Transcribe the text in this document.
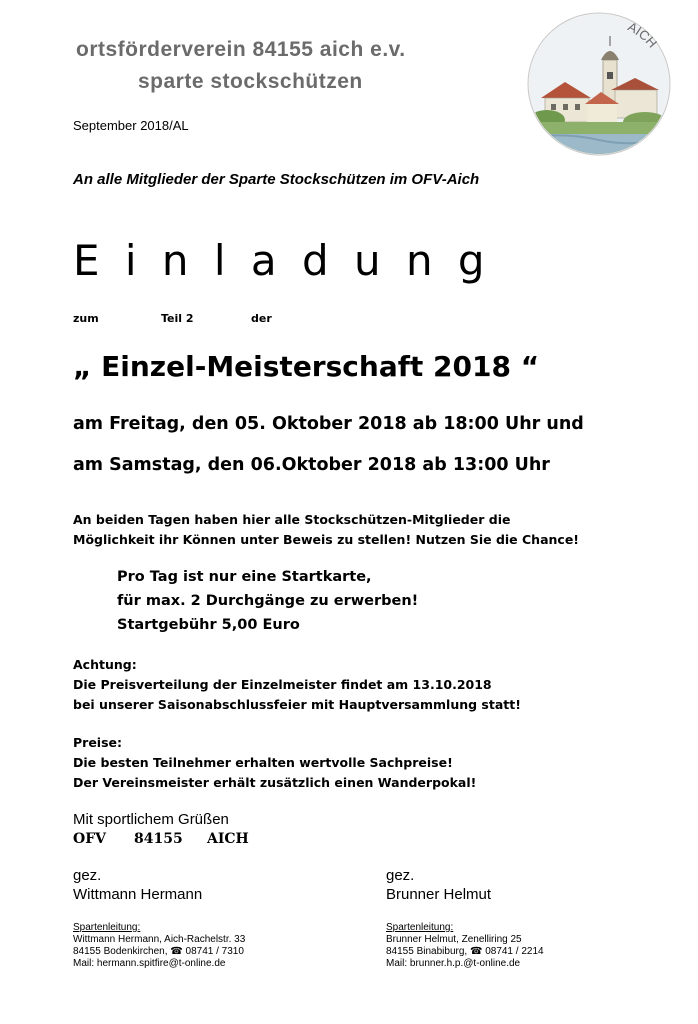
ortsförderverein 84155 aich e.v.
sparte stockschützen
September 2018/AL
AICH
An alle Mitglieder der Sparte Stockschützen im OFV-Aich
E i n l a d u n g
zum	Teil 2	der
„ Einzel-Meisterschaft 2018 “
am Freitag, den 05. Oktober 2018 ab 18:00 Uhr und
am Samstag, den 06.Oktober 2018 ab 13:00 Uhr
An beiden Tagen haben hier alle Stockschützen-Mitglieder die
Möglichkeit ihr Können unter Beweis zu stellen! Nutzen Sie die Chance!
Pro Tag ist nur eine Startkarte,
für max. 2 Durchgänge zu erwerben!
Startgebühr 5,00 Euro
Achtung:
Die Preisverteilung der Einzelmeister findet am 13.10.2018
bei unserer Saisonabschlussfeier mit Hauptversammlung statt!
Preise:
Die besten Teilnehmer erhalten wertvolle Sachpreise!
Der Vereinsmeister erhält zusätzlich einen Wanderpokal!
Mit sportlichem Grüßen
OFV 84155 AICH
gez.
Wittmann Hermann
gez.
Brunner Helmut
Spartenleitung:
Wittmann Hermann, Aich-Rachelstr. 33
84155 Bodenkirchen, ☎ 08741 / 7310
Mail: hermann.spitfire@t-online.de
Spartenleitung:
Brunner Helmut, Zenelliring 25
84155 Binabiburg, ☎ 08741 / 2214
Mail: brunner.h.p.@t-online.de
